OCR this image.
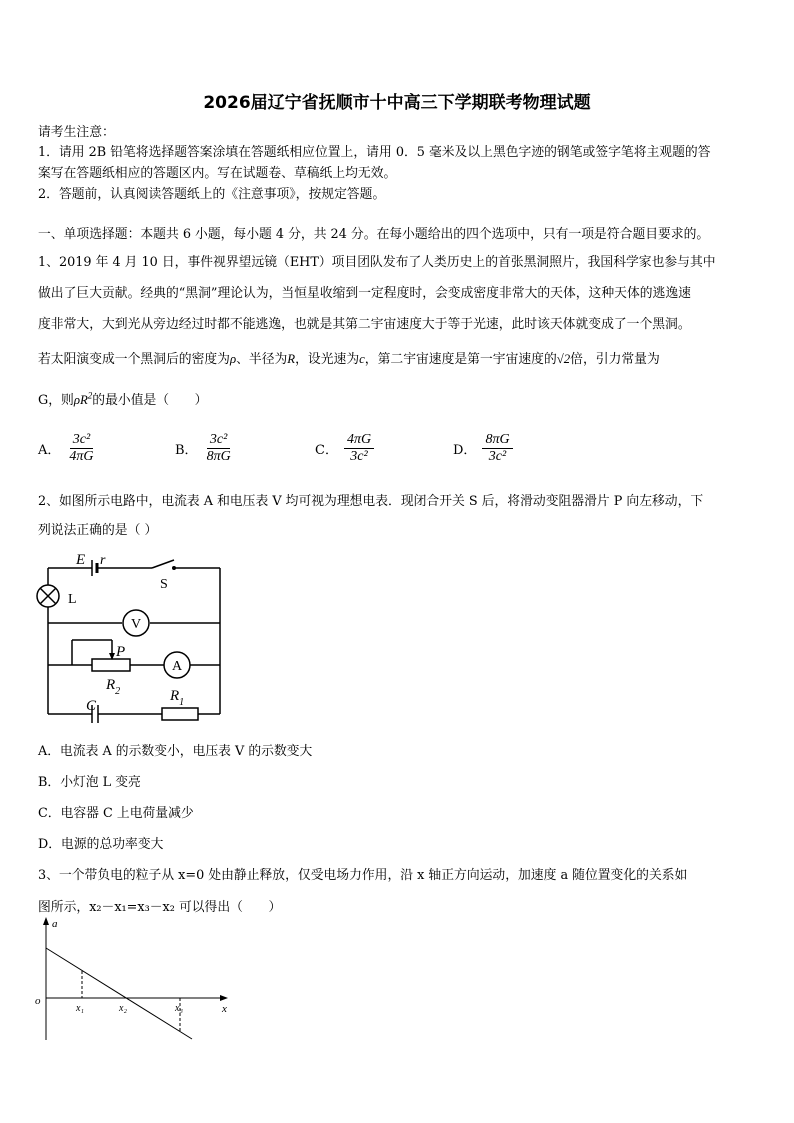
2026届辽宁省抚顺市十中高三下学期联考物理试题
请考生注意：
1．请用 2B 铅笔将选择题答案涂填在答题纸相应位置上，请用 0．5 毫米及以上黑色字迹的钢笔或签字笔将主观题的答
案写在答题纸相应的答题区内。写在试题卷、草稿纸上均无效。
2．答题前，认真阅读答题纸上的《注意事项》，按规定答题。
一、单项选择题：本题共 6 小题，每小题 4 分，共 24 分。在每小题给出的四个选项中，只有一项是符合题目要求的。
1、2019 年 4 月 10 日，事件视界望远镜（EHT）项目团队发布了人类历史上的首张黑洞照片，我国科学家也参与其中
做出了巨大贡献。经典的“黑洞”理论认为，当恒星收缩到一定程度时，会变成密度非常大的天体，这种天体的逃逸速
度非常大，大到光从旁边经过时都不能逃逸，也就是其第二宇宙速度大于等于光速，此时该天体就变成了一个黑洞。
若太阳演变成一个黑洞后的密度为ρ、半径为R，设光速为c，第二宇宙速度是第一宇宙速度的√2倍，引力常量为
G，则$\rho R^2$的最小值是（　　）
A． $\frac{\text{3c²}}{4\pi G}$	B． $\frac{\text{3c²}}{8\pi G}$	C． $\frac{4\pi G}{\text{3c²}}$	D． $\frac{8\pi G}{\text{3c²}}$
2、如图所示电路中，电流表 A 和电压表 V 均可视为理想电表．现闭合开关 S 后，将滑动变阻器滑片 P 向左移动，下
列说法正确的是（ ）
V
A
E r
S
L
P
$R_2$	$R_1$
C
A．电流表 A 的示数变小，电压表 V 的示数变大
B．小灯泡 L 变亮
C．电容器 C 上电荷量减少
D．电源的总功率变大
3、一个带负电的粒子从 x=0 处由静止释放，仅受电场力作用，沿 x 轴正方向运动，加速度 a 随位置变化的关系如
图所示，x₂－x₁=x₃－x₂ 可以得出（　　）
a
o
x
x₁	x₂	x₃
